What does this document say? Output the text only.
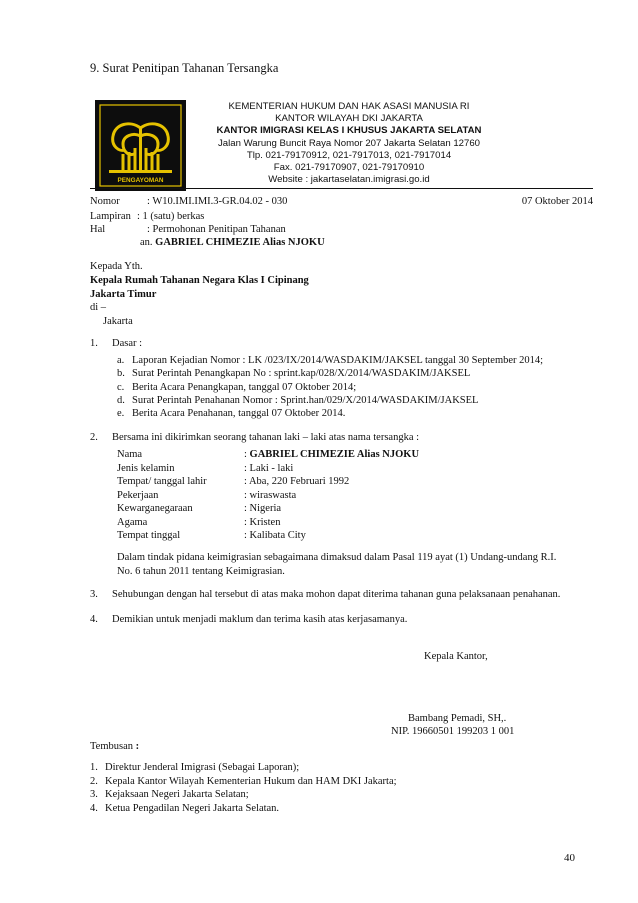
9. Surat Penitipan Tahanan Tersangka
PENGAYOMAN
KEMENTERIAN HUKUM DAN HAK ASASI MANUSIA RI
KANTOR WILAYAH DKI JAKARTA
KANTOR IMIGRASI KELAS I KHUSUS JAKARTA SELATAN
Jalan Warung Buncit Raya Nomor 207 Jakarta Selatan 12760
Tlp. 021-79170912, 021-7917013, 021-7917014
Fax. 021-79170907, 021-79170910
Website : jakartaselatan.imigrasi.go.id
Nomor	: W10.IMI.IMI.3-GR.04.02 - 030	07 Oktober 2014
Lampiran : 1 (satu) berkas
Hal	: Permohonan Penitipan Tahanan
an. GABRIEL CHIMEZIE Alias NJOKU
Kepada Yth.
Kepala Rumah Tahanan Negara Klas I Cipinang
Jakarta Timur
di –
Jakarta
1. Dasar :
a. Laporan Kejadian Nomor : LK /023/IX/2014/WASDAKIM/JAKSEL tanggal 30 September 2014;
b. Surat Perintah Penangkapan No : sprint.kap/028/X/2014/WASDAKIM/JAKSEL
c. Berita Acara Penangkapan, tanggal 07 Oktober 2014;
d. Surat Perintah Penahanan Nomor : Sprint.han/029/X/2014/WASDAKIM/JAKSEL
e. Berita Acara Penahanan, tanggal 07 Oktober 2014.
2. Bersama ini dikirimkan seorang tahanan laki – laki atas nama tersangka :
Nama	: GABRIEL CHIMEZIE Alias NJOKU
Jenis kelamin	: Laki - laki
Tempat/ tanggal lahir	: Aba, 220 Februari 1992
Pekerjaan	: wiraswasta
Kewarganegaraan	: Nigeria
Agama	: Kristen
Tempat tinggal	: Kalibata City
Dalam tindak pidana keimigrasian sebagaimana dimaksud dalam Pasal 119 ayat (1) Undang-undang R.I.
No. 6 tahun 2011 tentang Keimigrasian.
3. Sehubungan dengan hal tersebut di atas maka mohon dapat diterima tahanan guna pelaksanaan penahanan.
4. Demikian untuk menjadi maklum dan terima kasih atas kerjasamanya.
Kepala Kantor,
Bambang Pemadi, SH,.
NIP. 19660501 199203 1 001
Tembusan :
1. Direktur Jenderal Imigrasi (Sebagai Laporan);
2. Kepala Kantor Wilayah Kementerian Hukum dan HAM DKI Jakarta;
3. Kejaksaan Negeri Jakarta Selatan;
4. Ketua Pengadilan Negeri Jakarta Selatan.
40
